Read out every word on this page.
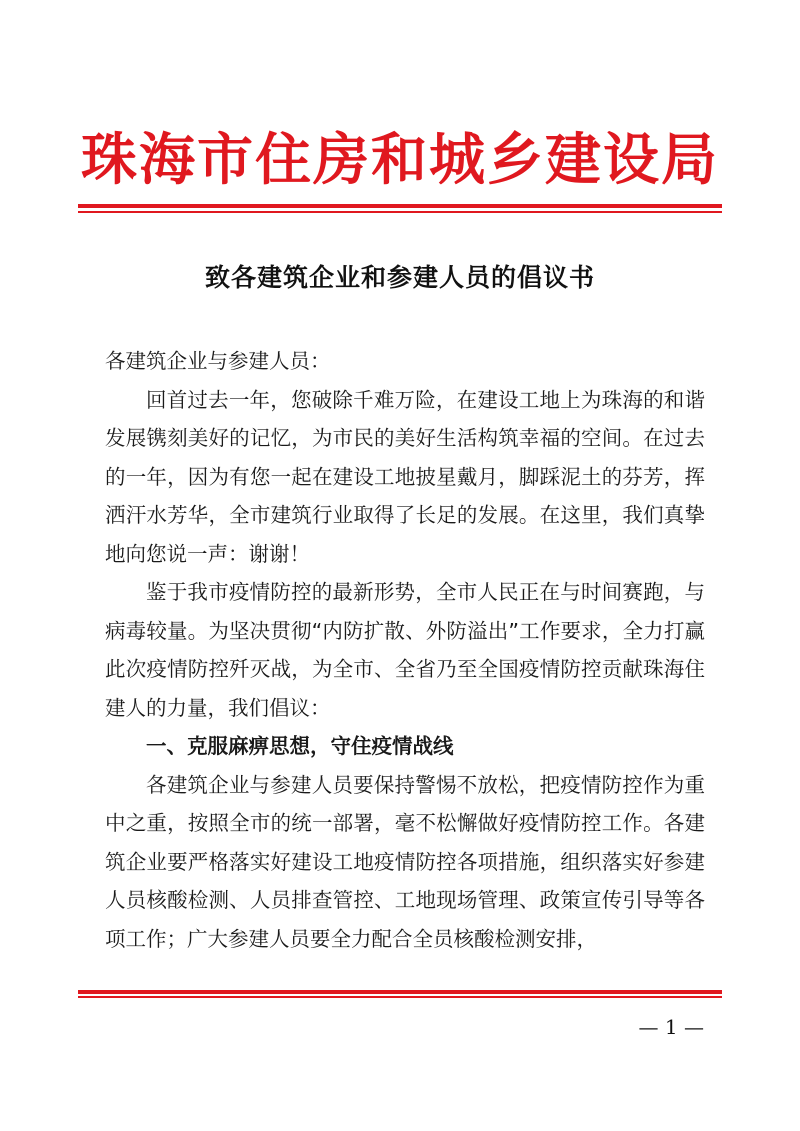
珠海市住房和城乡建设局
致各建筑企业和参建人员的倡议书

各建筑企业与参建人员：

回首过去一年，您破除千难万险，在建设工地上为珠海的和谐发展镌刻美好的记忆，为市民的美好生活构筑幸福的空间。在过去的一年，因为有您一起在建设工地披星戴月，脚踩泥土的芬芳，挥洒汗水芳华，全市建筑行业取得了长足的发展。在这里，我们真挚地向您说一声：谢谢！

鉴于我市疫情防控的最新形势，全市人民正在与时间赛跑，与病毒较量。为坚决贯彻“内防扩散、外防溢出”工作要求，全力打赢此次疫情防控歼灭战，为全市、全省乃至全国疫情防控贡献珠海住建人的力量，我们倡议：

一、克服麻痹思想，守住疫情战线

各建筑企业与参建人员要保持警惕不放松，把疫情防控作为重中之重，按照全市的统一部署，毫不松懈做好疫情防控工作。各建筑企业要严格落实好建设工地疫情防控各项措施，组织落实好参建人员核酸检测、人员排查管控、工地现场管理、政策宣传引导等各项工作；广大参建人员要全力配合全员核酸检测安排，

— 1 —
